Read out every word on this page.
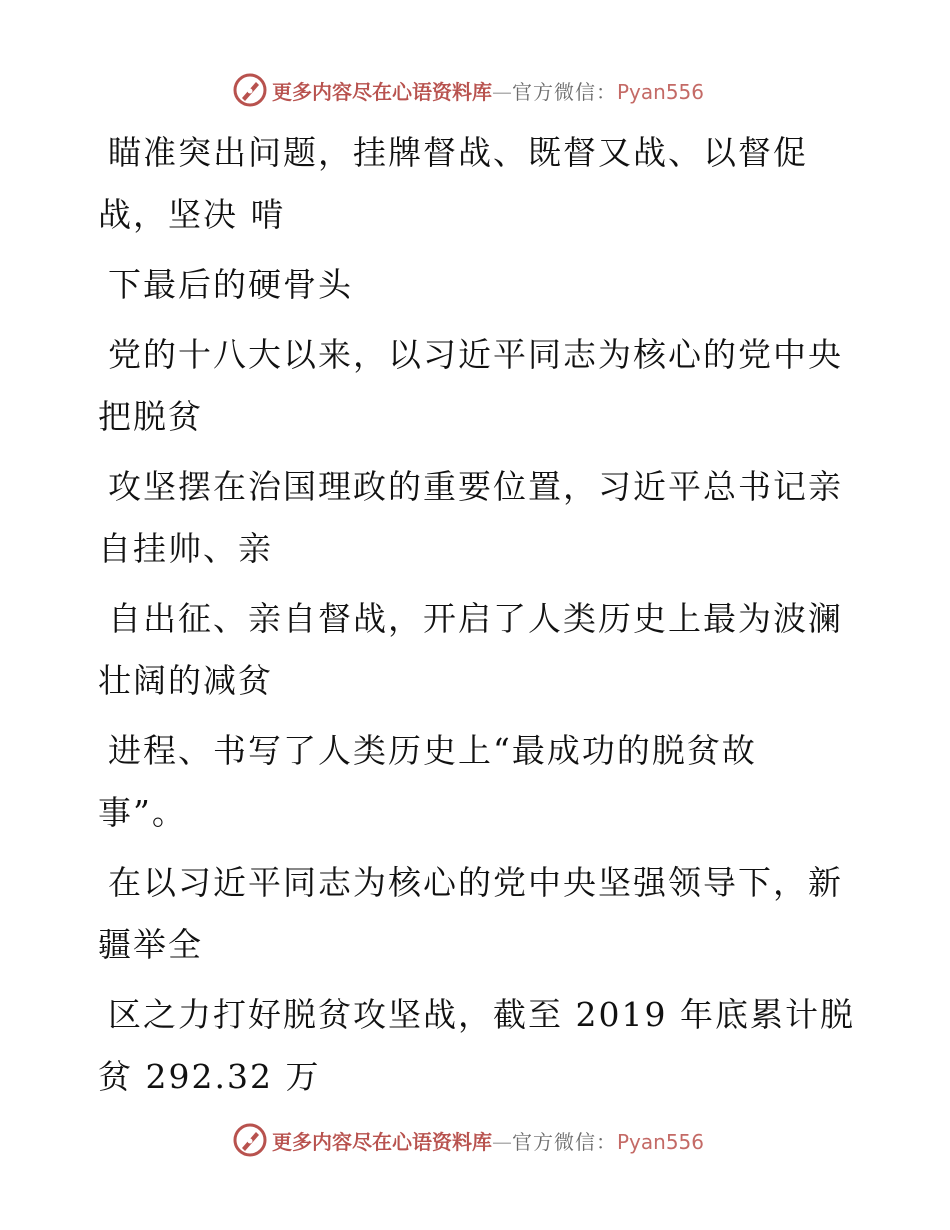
更多内容尽在心语资料库—官方微信：Pyan556

瞄准突出问题，挂牌督战、既督又战、以督促
战，坚决 啃

下最后的硬骨头

党的十八大以来，以习近平同志为核心的党中央
把脱贫

攻坚摆在治国理政的重要位置，习近平总书记亲
自挂帅、亲

自出征、亲自督战，开启了人类历史上最为波澜
壮阔的减贫

进程、书写了人类历史上“最成功的脱贫故
事”。

在以习近平同志为核心的党中央坚强领导下，新
疆举全

区之力打好脱贫攻坚战，截至 2019 年底累计脱
贫 292.32 万

更多内容尽在心语资料库—官方微信：Pyan556
